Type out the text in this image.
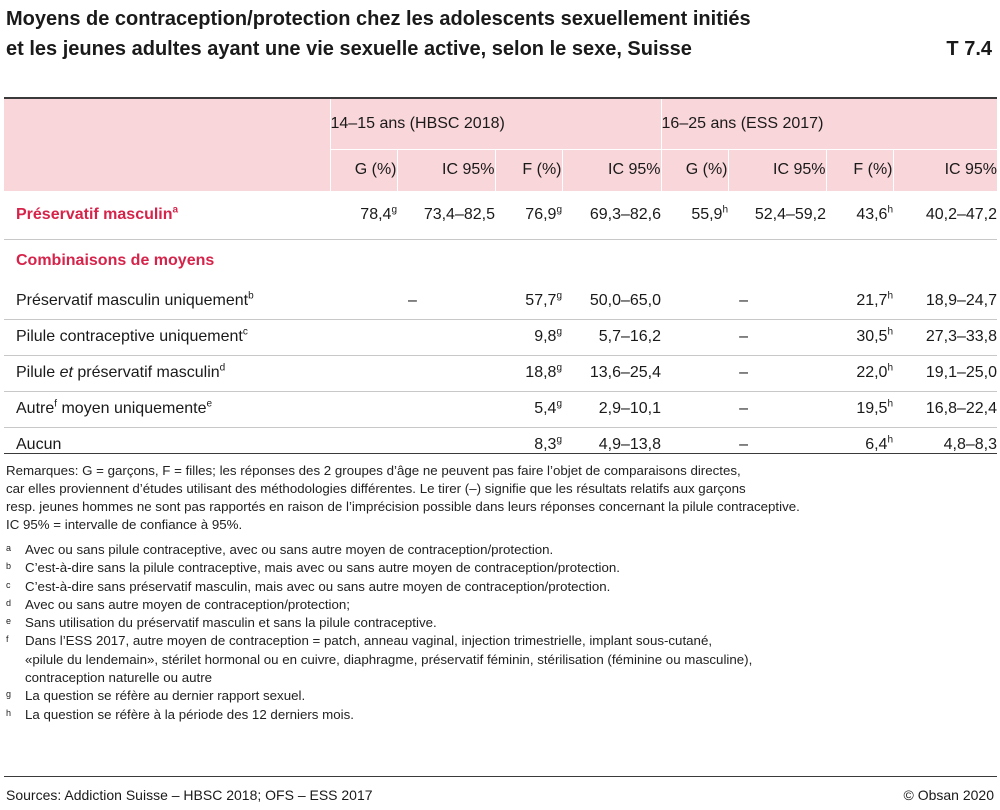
Moyens de contraception/protection chez les adolescents sexuellement initiés
et les jeunes adultes ayant une vie sexuelle active, selon le sexe, Suisse	T 7.4
	14–15 ans (HBSC 2018)				16–25 ans (ESS 2017)			
	G (%)	IC 95%	F (%)	IC 95%	G (%)	IC 95%	F (%)	IC 95%
Préservatif masculin$^a$	78,4$^g$	73,4–82,5	76,9$^g$	69,3–82,6	55,9$^h$	52,4–59,2	43,6$^h$	40,2–47,2
Combinaisons de moyens								
Préservatif masculin uniquement$^b$	–		57,7$^g$	50,0–65,0	–		21,7$^h$	18,9–24,7
Pilule contraceptive uniquement$^c$			9,8$^g$	5,7–16,2	–		30,5$^h$	27,3–33,8
Pilule et préservatif masculin$^d$			18,8$^g$	13,6–25,4	–		22,0$^h$	19,1–25,0
Autre$^f$ moyen uniquemente$^e$			5,4$^g$	2,9–10,1	–		19,5$^h$	16,8–22,4
Aucun			8,3$^g$	4,9–13,8	–		6,4$^h$	4,8–8,3

Remarques: G = garçons, F = filles; les réponses des 2 groupes d’âge ne peuvent pas faire l’objet de comparaisons directes,

car elles proviennent d’études utilisant des méthodologies différentes. Le tirer (–) signifie que les résultats relatifs aux garçons

resp. jeunes hommes ne sont pas rapportés en raison de l’imprécision possible dans leurs réponses concernant la pilule contraceptive.

IC 95% = intervalle de confiance à 95%.

a	Avec ou sans pilule contraceptive, avec ou sans autre moyen de contraception/protection.
b	C’est-à-dire sans la pilule contraceptive, mais avec ou sans autre moyen de contraception/protection.
c	C’est-à-dire sans préservatif masculin, mais avec ou sans autre moyen de contraception/protection.
d	Avec ou sans autre moyen de contraception/protection;
e	Sans utilisation du préservatif masculin et sans la pilule contraceptive.
f	Dans l’ESS 2017, autre moyen de contraception = patch, anneau vaginal, injection trimestrielle, implant sous-cutané,
«pilule du lendemain», stérilet hormonal ou en cuivre, diaphragme, préservatif féminin, stérilisation (féminine ou masculine),
contraception naturelle ou autre
g	La question se réfère au dernier rapport sexuel.
h	La question se réfère à la période des 12 derniers mois.
Sources: Addiction Suisse – HBSC 2018; OFS – ESS 2017	© Obsan 2020
